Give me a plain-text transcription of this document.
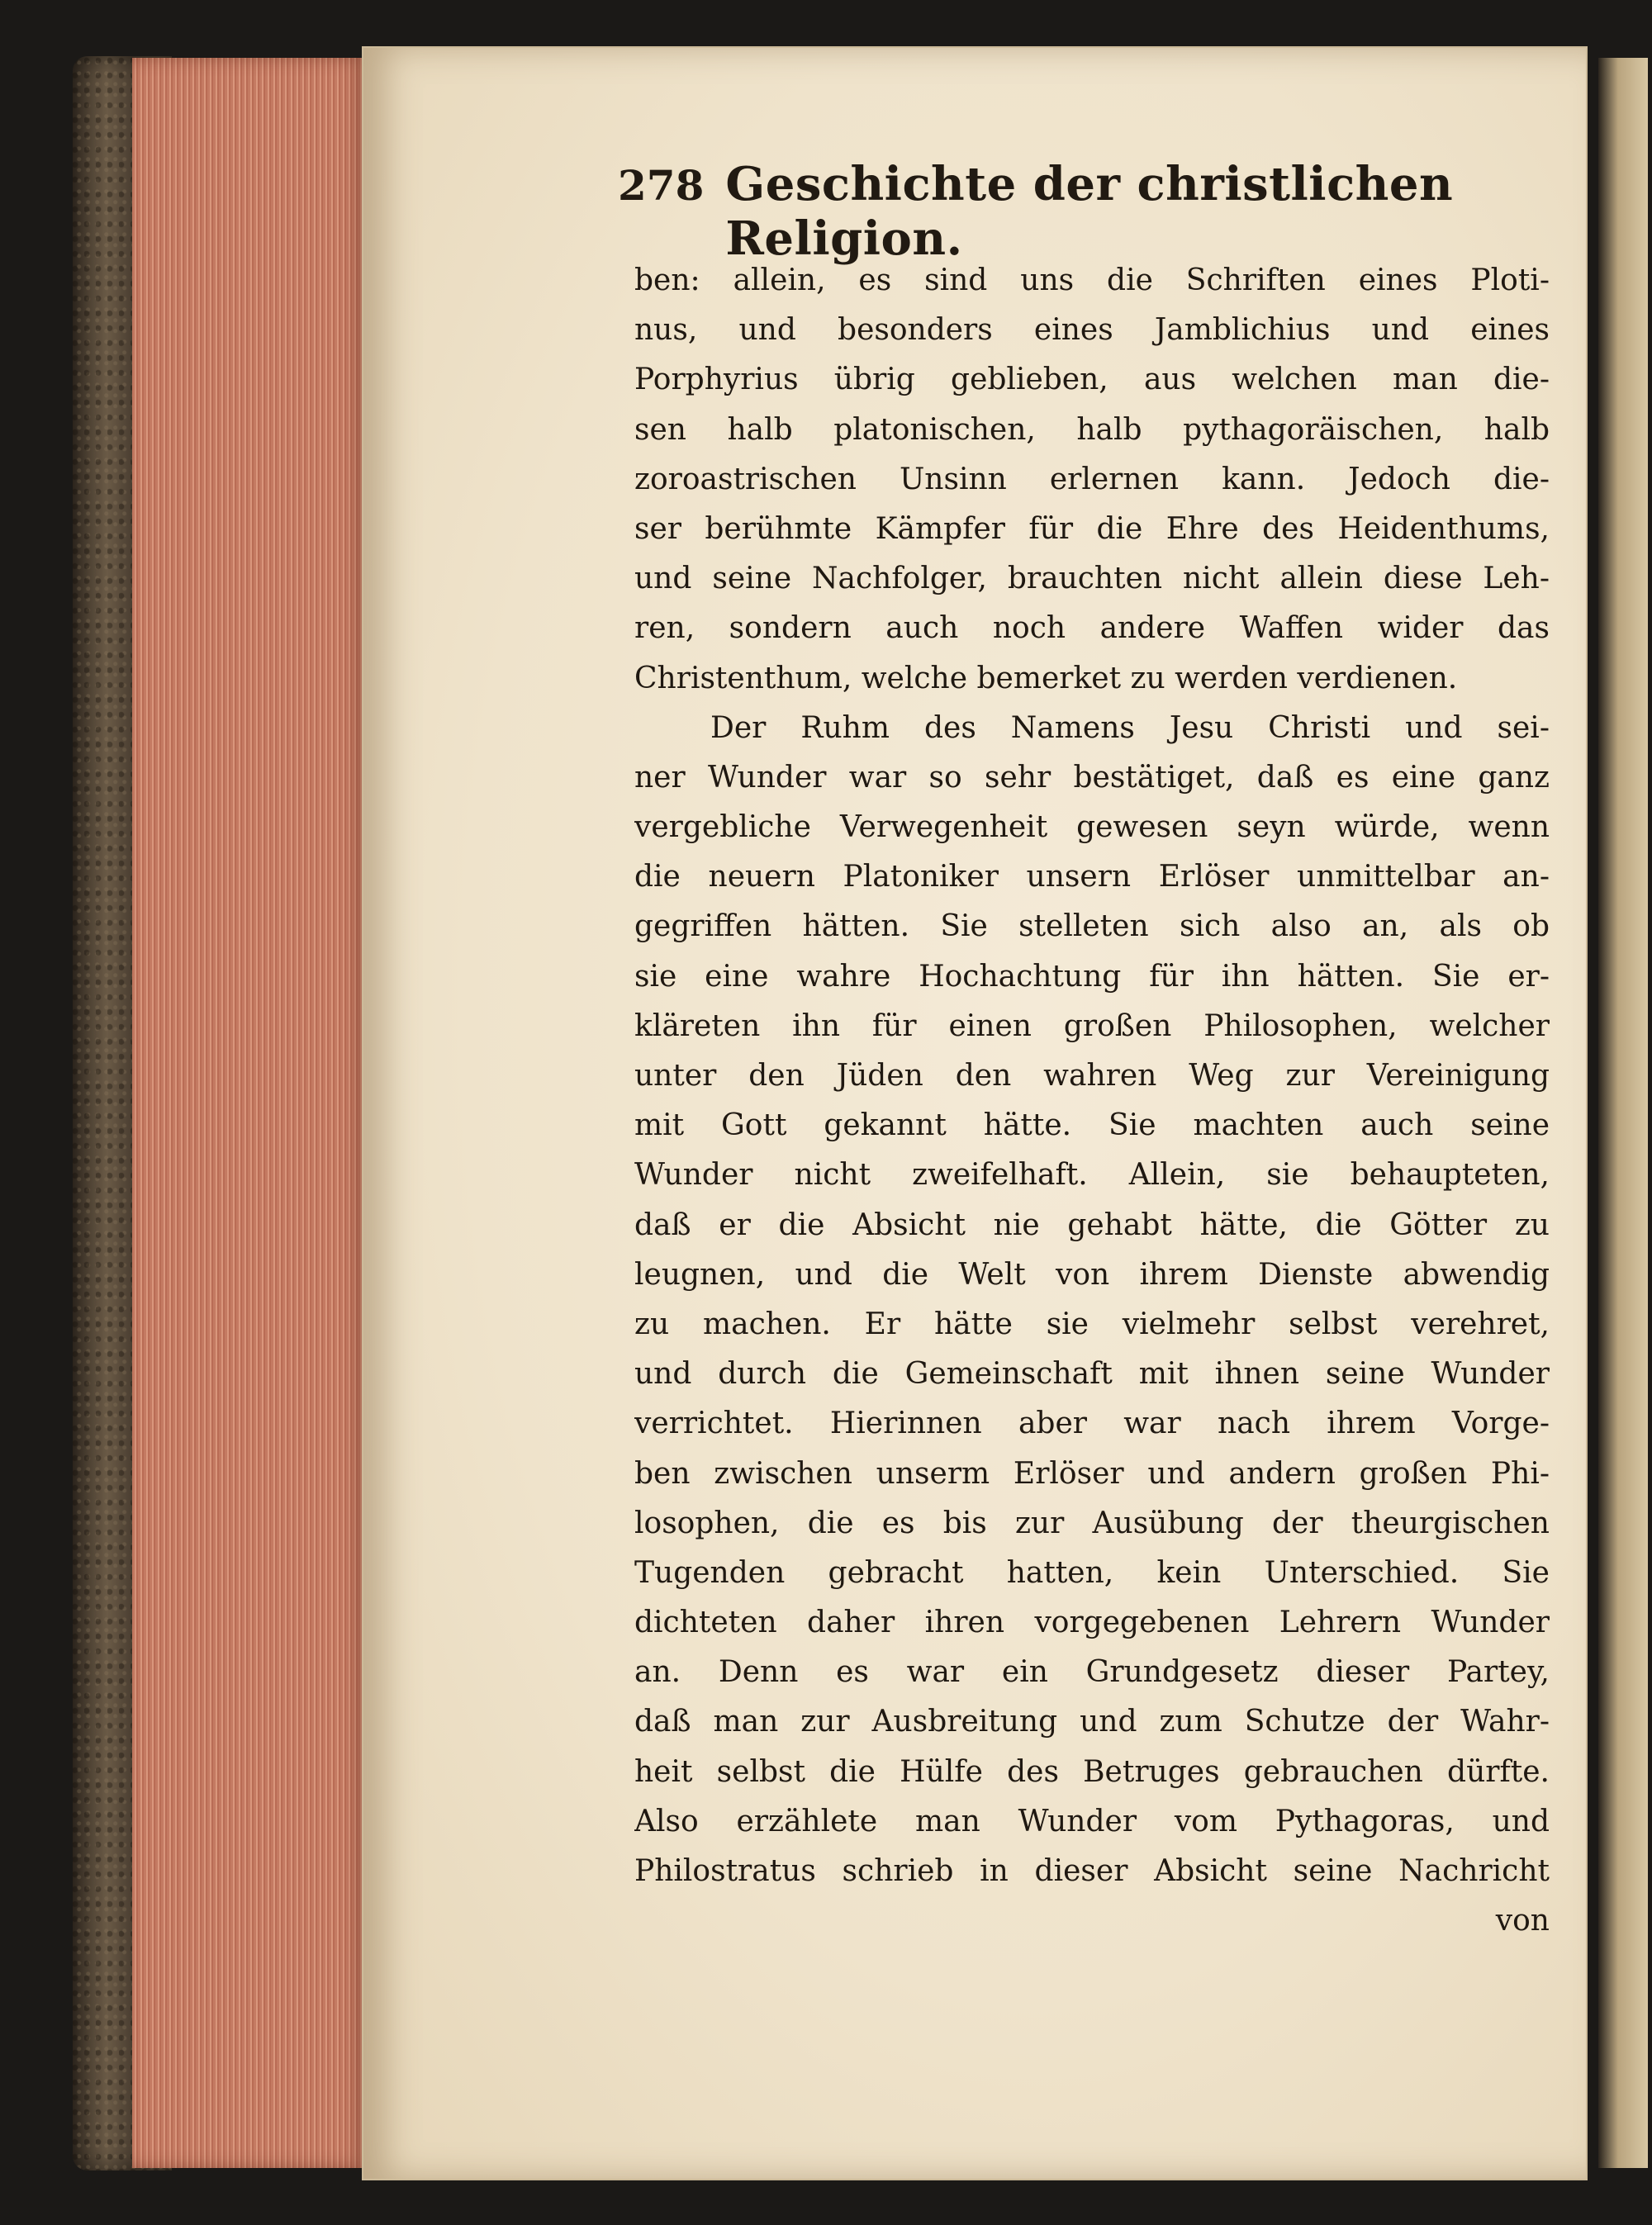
278 Geschichte der christlichen Religion.
ben: allein, es sind uns die Schriften eines Ploti-
nus, und besonders eines Jamblichius und eines
Porphyrius übrig geblieben, aus welchen man die-
sen halb platonischen, halb pythagoräischen, halb
zoroastrischen Unsinn erlernen kann. Jedoch die-
ser berühmte Kämpfer für die Ehre des Heidenthums,
und seine Nachfolger, brauchten nicht allein diese Leh-
ren, sondern auch noch andere Waffen wider das
Christenthum, welche bemerket zu werden verdienen.
Der Ruhm des Namens Jesu Christi und sei-
ner Wunder war so sehr bestätiget, daß es eine ganz
vergebliche Verwegenheit gewesen seyn würde, wenn
die neuern Platoniker unsern Erlöser unmittelbar an-
gegriffen hätten. Sie stelleten sich also an, als ob
sie eine wahre Hochachtung für ihn hätten. Sie er-
kläreten ihn für einen großen Philosophen, welcher
unter den Jüden den wahren Weg zur Vereinigung
mit Gott gekannt hätte. Sie machten auch seine
Wunder nicht zweifelhaft. Allein, sie behaupteten,
daß er die Absicht nie gehabt hätte, die Götter zu
leugnen, und die Welt von ihrem Dienste abwendig
zu machen. Er hätte sie vielmehr selbst verehret,
und durch die Gemeinschaft mit ihnen seine Wunder
verrichtet. Hierinnen aber war nach ihrem Vorge-
ben zwischen unserm Erlöser und andern großen Phi-
losophen, die es bis zur Ausübung der theurgischen
Tugenden gebracht hatten, kein Unterschied. Sie
dichteten daher ihren vorgegebenen Lehrern Wunder
an. Denn es war ein Grundgesetz dieser Partey,
daß man zur Ausbreitung und zum Schutze der Wahr-
heit selbst die Hülfe des Betruges gebrauchen dürfte.
Also erzählete man Wunder vom Pythagoras, und
Philostratus schrieb in dieser Absicht seine Nachricht
von
